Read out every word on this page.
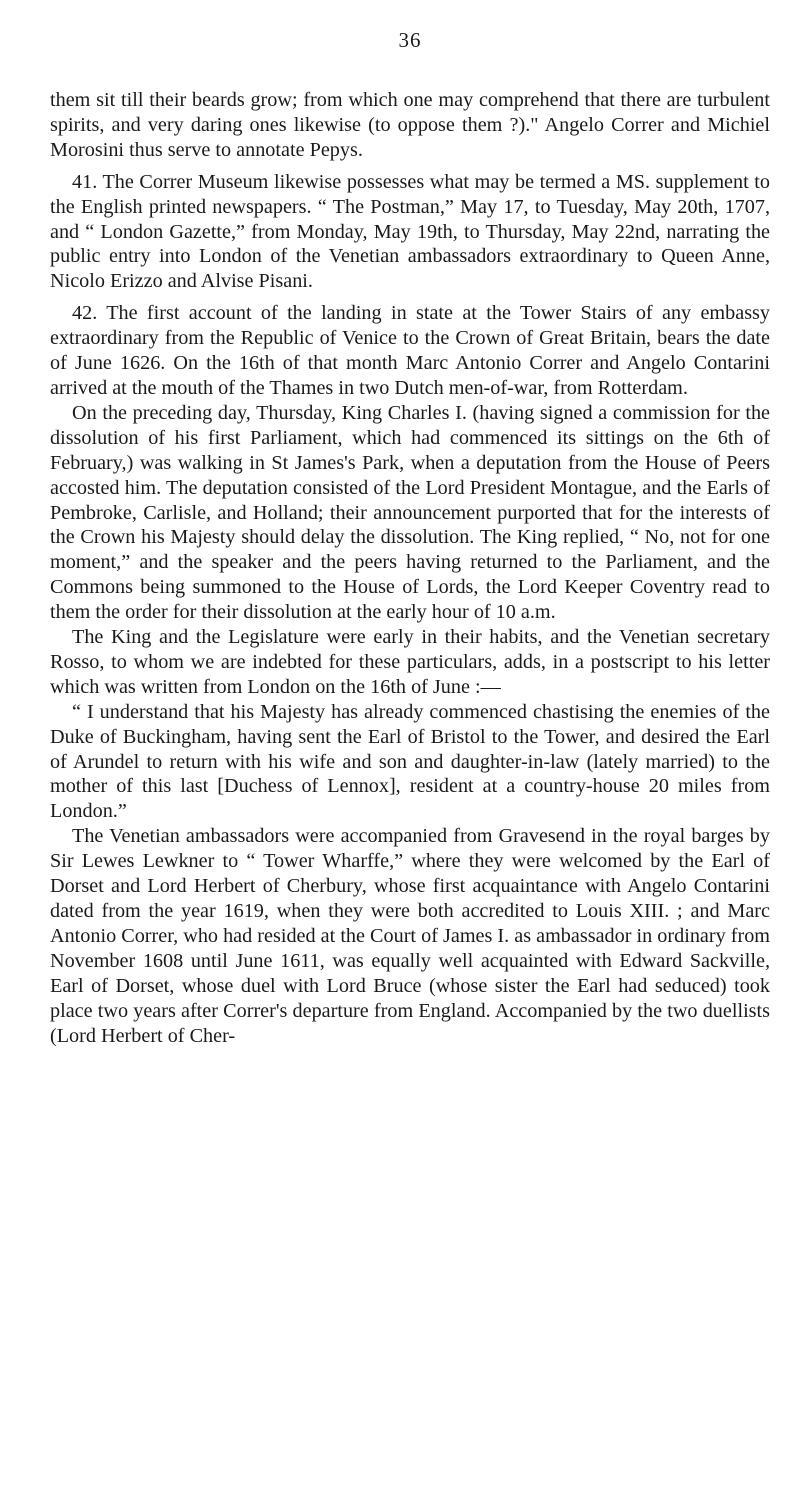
36

them sit till their beards grow; from which one may comprehend that there are turbulent spirits, and very daring ones likewise (to oppose them ?)." Angelo Correr and Michiel Morosini thus serve to annotate Pepys.

41. The Correr Museum likewise possesses what may be termed a MS. supplement to the English printed newspapers. “ The Postman,” May 17, to Tuesday, May 20th, 1707, and “ London Gazette,” from Monday, May 19th, to Thursday, May 22nd, narrating the public entry into London of the Venetian ambassadors extraordinary to Queen Anne, Nicolo Erizzo and Alvise Pisani.

42. The first account of the landing in state at the Tower Stairs of any embassy extraordinary from the Republic of Venice to the Crown of Great Britain, bears the date of June 1626. On the 16th of that month Marc Antonio Correr and Angelo Contarini arrived at the mouth of the Thames in two Dutch men-of-war, from Rotterdam.

On the preceding day, Thursday, King Charles I. (having signed a commission for the dissolution of his first Parliament, which had commenced its sittings on the 6th of February,) was walking in St James's Park, when a deputation from the House of Peers accosted him. The deputation consisted of the Lord President Montague, and the Earls of Pembroke, Carlisle, and Holland; their announcement purported that for the interests of the Crown his Majesty should delay the dissolution. The King replied, “ No, not for one moment,” and the speaker and the peers having returned to the Parliament, and the Commons being summoned to the House of Lords, the Lord Keeper Coventry read to them the order for their dissolution at the early hour of 10 a.m.

The King and the Legislature were early in their habits, and the Venetian secretary Rosso, to whom we are indebted for these particulars, adds, in a postscript to his letter which was written from London on the 16th of June :—

“ I understand that his Majesty has already commenced chastising the enemies of the Duke of Buckingham, having sent the Earl of Bristol to the Tower, and desired the Earl of Arundel to return with his wife and son and daughter-in-law (lately married) to the mother of this last [Duchess of Lennox], resident at a country-house 20 miles from London.”

The Venetian ambassadors were accompanied from Gravesend in the royal barges by Sir Lewes Lewkner to “ Tower Wharffe,” where they were welcomed by the Earl of Dorset and Lord Herbert of Cherbury, whose first acquaintance with Angelo Contarini dated from the year 1619, when they were both accredited to Louis XIII. ; and Marc Antonio Correr, who had resided at the Court of James I. as ambassador in ordinary from November 1608 until June 1611, was equally well acquainted with Edward Sackville, Earl of Dorset, whose duel with Lord Bruce (whose sister the Earl had seduced) took place two years after Correr's departure from England. Accompanied by the two duellists (Lord Herbert of Cher-
